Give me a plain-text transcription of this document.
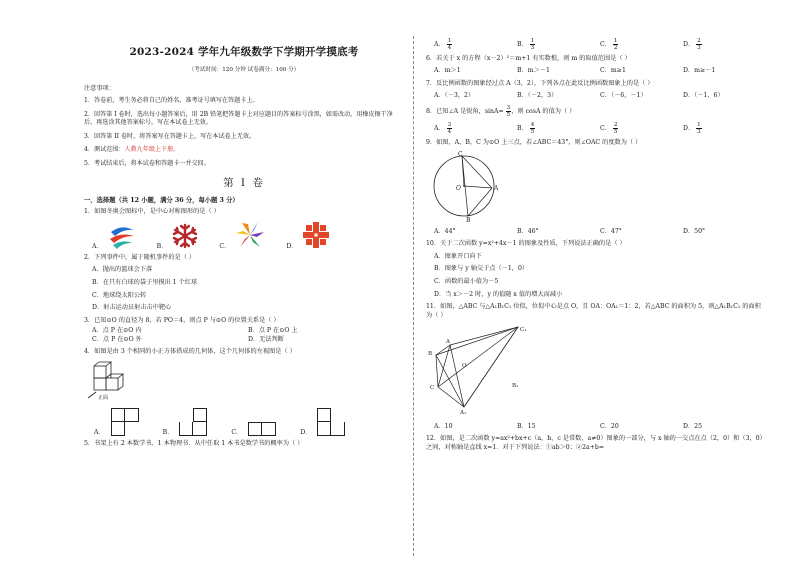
2023-2024 学年九年级数学下学期开学摸底考
（考试时间：120 分钟 试卷满分：100 分）
注意事项：
1．答卷前，考生务必将自己的姓名、准考证号填写在答题卡上。
2．回答第 I 卷时，选出每小题答案后，用 2B 铅笔把答题卡上对应题目的答案标号涂黑，如需改动，用橡皮擦干净后，再选涂其他答案标号，写在本试卷上无效。
3．回答第 II 卷时，将答案写在答题卡上，写在本试卷上无效。
4．测试范围：人教九年级上下册。
5．考试结束后，将本试卷和答题卡一并交回。
第 I 卷
一、选择题（共 12 小题，满分 36 分，每小题 3 分）
1．如图冬奥会图标中，是中心对称图形的是（ ）
A．	B．	C．	D．
2．下列事件中，属于随机事件的是（ ）
A．抛出的篮球会下落
B．在只有白球的袋子里摸出 1 个红球
C．地球绕太阳公转
D．射击运动员射击击中靶心
3．已知⊙O 的直径为 8，若 PO＝4，则点 P 与⊙O 的位置关系是（ ）
A．点 P 在⊙O 内	B．点 P 在⊙O 上
C．点 P 在⊙O 外	D．无法判断
4．如图是由 3 个相同的小正方体搭成的几何体，这个几何体的左视图是（ ）
正面
A．	B．	C．	D．
5．书架上有 2 本数学书、1 本物理书．从中任取 1 本书是数学书的概率为（ ）
A． $\frac{1}{4}$	B． $\frac{1}{3}$	C． $\frac{1}{2}$	D． $\frac{2}{3}$
6．若关于 x 的方程（x－2）²＝m+1 有实数根，则 m 的取值范围是（ ）
A．m＞1	B．m＞－1	C．m≥1	D．m≥－1
7．反比例函数的图象经过点 A（3，2），下列各点在此反比例函数图象上的是（ ）
A．（－3，2）	B．（－2，3）	C．（－6，－1）	D．（－1，6）
8．已知∠A 是锐角，$\sin A= \frac{3}{5}$ ，则 cosA 的值为（ ）
A． $\frac{3}{4}$	B． $\frac{4}{5}$	C． $\frac{2}{5}$	D． $\frac{1}{3}$
9．如图，A，B，C 为⊙O 上三点，若∠ABC＝43°，则∠OAC 的度数为（ ）
C
O	A
B
A．44°	B．46°	C．47°	D．50°
10．关于二次函数 y=x²+4x－1 的图象及性质，下列说法正确的是（ ）
A．图象开口向下
B．图象与 y 轴交于点（－1，0）
C．函数的最小值为－5
D．当 x＞－2 时，y 的值随 x 值的增大而减小
11．如图，△ABC 与△A₁B₁C₁ 位似，位似中心是点 O，且 OA：OA₁＝1：2，若△ABC 的面积为 5，则△A₁B₁C₁ 的面积为（ ）
C₁
A
B
O
C	B₁
A₁
A．10	B．15	C．20	D．25
12．如图，是二次函数 y=ax²+bx+c（a，b，c 是常数，a≠0）图象的一部分，与 x 轴的一交点在点（2，0）和（3，0）之间，对称轴是直线 x=1．对于下列说法：①ab＞0；②2a+b=
